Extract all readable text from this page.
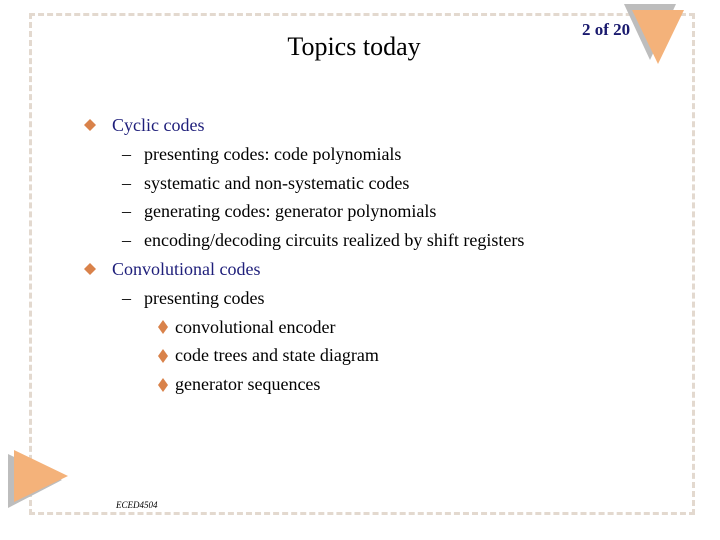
2 of 20
Topics today
Cyclic codes
– presenting codes: code polynomials
– systematic and non-systematic codes
– generating codes: generator polynomials
– encoding/decoding circuits realized by shift registers
Convolutional codes
– presenting codes
convolutional encoder
code trees and state diagram
generator sequences
ECED4504
